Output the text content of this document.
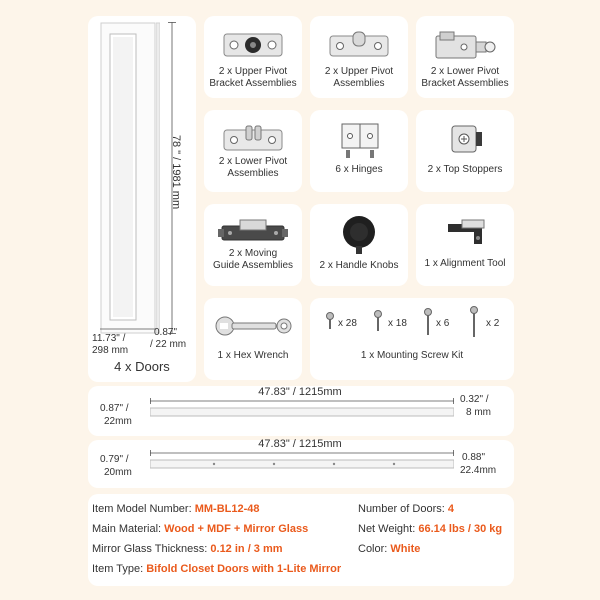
78 " / 1981 mm
11.73" /
298 mm
0.87"
/ 22 mm
4 x Doors
2 x Upper Pivot
Bracket Assemblies
2 x Upper Pivot
Assemblies
2 x Lower Pivot
Bracket Assemblies
2 x Lower Pivot
Assemblies	6 x Hinges	2 x Top Stoppers
2 x Moving
Guide Assemblies	2 x Handle Knobs	1 x Alignment Tool
1 x Hex Wrench
x 28	x 18	x 6	x 2
1 x Mounting Screw Kit
47.83" / 1215mm
0.87" /
22mm
0.32" /
8 mm
47.83" / 1215mm
0.79" /
20mm
0.88"
22.4mm
Item Model Number: MM-BL12-48
Main Material: Wood + MDF + Mirror Glass
Mirror Glass Thickness: 0.12 in / 3 mm
Item Type: Bifold Closet Doors with 1-Lite Mirror
Number of Doors: 4
Net Weight: 66.14 lbs / 30 kg
Color: White
